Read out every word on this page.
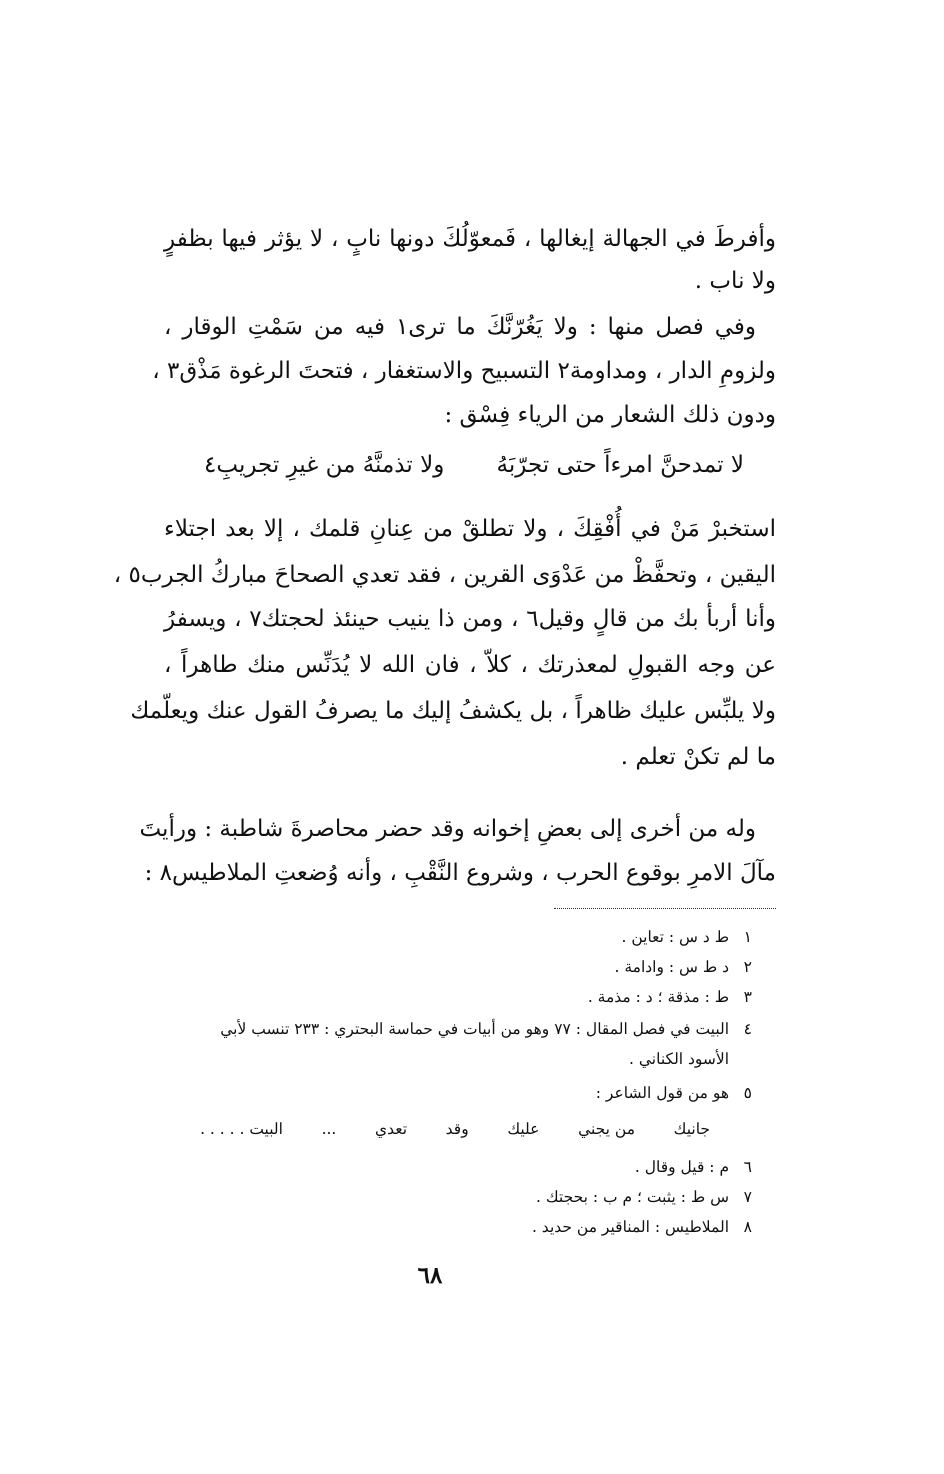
وأفرطَ في الجهالة إيغالها ، فَمعوّلُكَ دونها نابٍ ، لا يؤثر فيها بظفرٍ
ولا ناب .
وفي فصل منها : ولا يَغُرّنَّكَ ما ترى١ فيه من سَمْتِ الوقار ،
ولزومِ الدار ، ومداومة٢ التسبيح والاستغفار ، فتحتَ الرغوة مَذْق٣ ،
ودون ذلك الشعار من الرياء فِسْق :
لا تمدحنَّ امرءاً حتى تجرّبَهُ
ولا تذمنَّهُ من غيرِ تجريبِ٤
استخبرْ مَنْ في أُفْقِكَ ، ولا تطلقْ من عِنانِ قلمك ، إلا بعد اجتلاء
اليقين ، وتحفَّظْ من عَدْوَى القرين ، فقد تعدي الصحاحَ مباركُ الجرب٥ ،
وأنا أربأ بك من قالٍ وقيل٦ ، ومن ذا ينيب حينئذ لحجتك٧ ، ويسفرُ
عن وجه القبولِ لمعذرتك ، كلاّ ، فان الله لا يُدَنِّس منك طاهراً ،
ولا يلبِّس عليك ظاهراً ، بل يكشفُ إليك ما يصرفُ القول عنك ويعلّمك
ما لم تكنْ تعلم .
وله من أخرى إلى بعضِ إخوانه وقد حضر محاصرةَ شاطبة : ورأيتَ
مآلَ الامرِ بوقوع الحرب ، وشروع النَّقْبِ ، وأنه وُضعتِ الملاطيس٨ :
١ ط د س : تعاين .
٢ د ط س : وادامة .
٣ ط : مذقة ؛ د : مذمة .
٤ البيت في فصل المقال : ٧٧ وهو من أبيات في حماسة البحتري : ٢٣٣ تنسب لأبي
الأسود الكناني .
٥ هو من قول الشاعر :
جانيك
من يجني
عليك
وقد
تعدي
...
البيت . . . . .
٦ م : قيل وقال .
٧ س ط : يثبت ؛ م ب : بحجتك .
٨ الملاطيس : المناقير من حديد .
٦٨
